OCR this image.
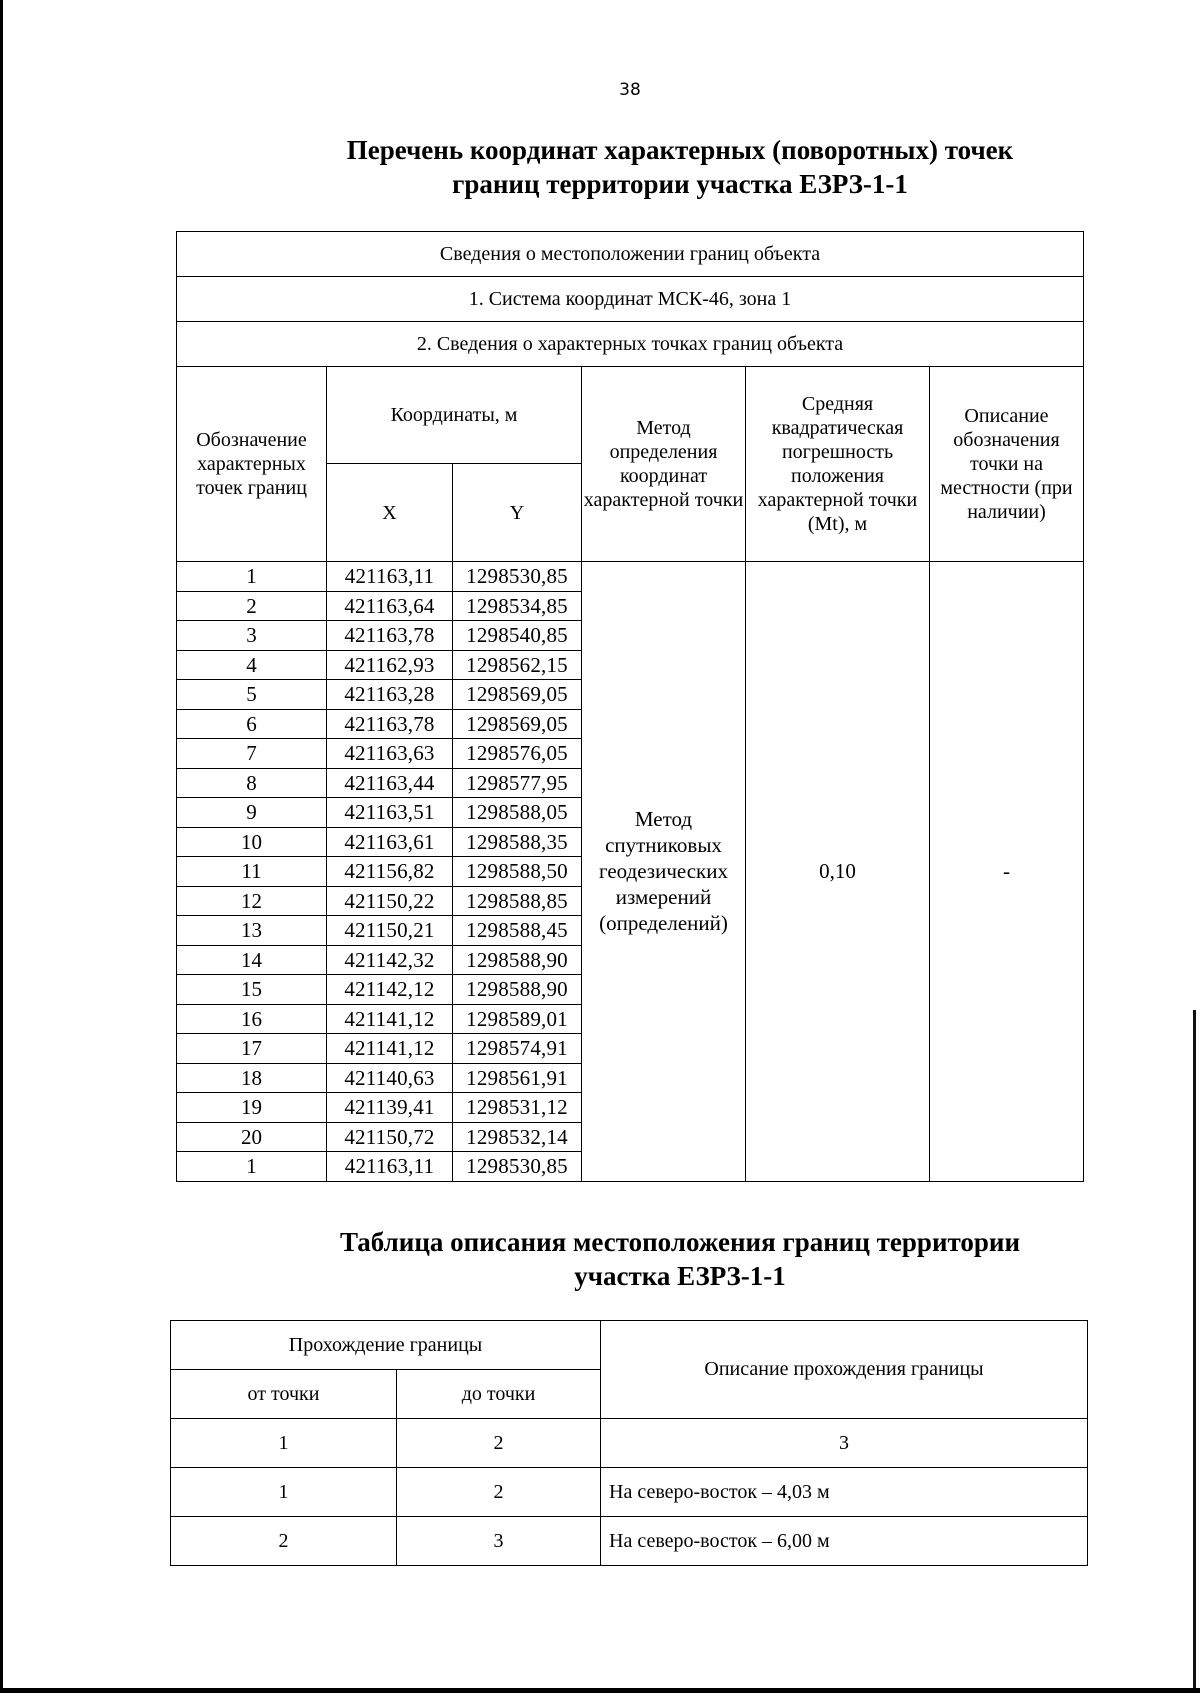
38
Перечень координат характерных (поворотных) точек
границ территории участка ЕЗРЗ-1-1
Сведения о местоположении границ объекта					
1. Система координат МСК-46, зона 1					
2. Сведения о характерных точках границ объекта					
Обозначение характерных точек границ	Координаты, м		Метод определения координат характерной точки	Средняя квадратическая погрешность положения характерной точки (Mt), м	Описание обозначения точки на местности (при наличии)
	X	Y			
1	421163,11	1298530,85	Метод спутниковых геодезических измерений (определений)	0,10	-
2	421163,64	1298534,85			
3	421163,78	1298540,85			
4	421162,93	1298562,15			
5	421163,28	1298569,05			
6	421163,78	1298569,05			
7	421163,63	1298576,05			
8	421163,44	1298577,95			
9	421163,51	1298588,05			
10	421163,61	1298588,35			
11	421156,82	1298588,50			
12	421150,22	1298588,85			
13	421150,21	1298588,45			
14	421142,32	1298588,90			
15	421142,12	1298588,90			
16	421141,12	1298589,01			
17	421141,12	1298574,91			
18	421140,63	1298561,91			
19	421139,41	1298531,12			
20	421150,72	1298532,14			
1	421163,11	1298530,85			
Таблица описания местоположения границ территории
участка ЕЗРЗ-1-1
Прохождение границы		Описание прохождения границы
от точки	до точки	
1	2	3
1	2	На северо-восток – 4,03 м
2	3	На северо-восток – 6,00 м
